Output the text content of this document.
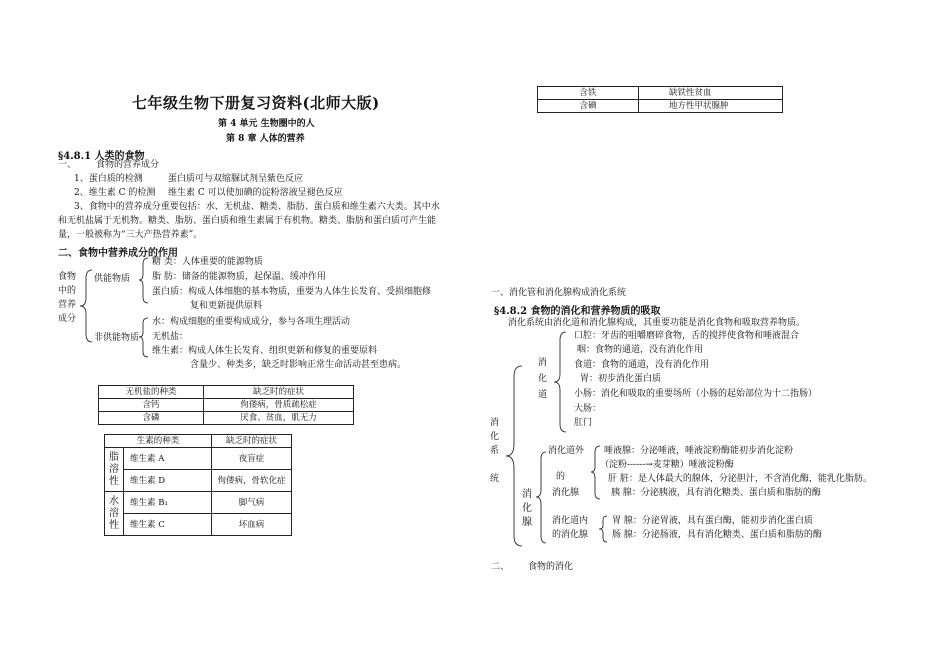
七年级生物下册复习资料(北师大版)
第 4 单元 生物圈中的人
第 8 章 人体的营养
§4.8.1 人类的食物
一、 食物的营养成分
1、蛋白质的检测	蛋白质可与双缩脲试剂呈紫色反应
2、维生素 C 的检测 维生素 C 可以使加碘的淀粉溶液呈褪色反应
3、食物中的营养成分重要包括：水、无机盐、糖类、脂肪、蛋白质和维生素六大类。其中水
和无机盐属于无机物。糖类、脂肪、蛋白质和维生素属于有机物。糖类、脂肪和蛋白质可产生能
量，一般被称为“三大产热营养素”。
二、食物中营养成分的作用
食物
中的
营养
成分
供能物质
糖 类：人体重要的能源物质
脂 肪：储备的能源物质，起保温、缓冲作用
蛋白质：构成人体细胞的基本物质，重要为人体生长发育、受损细胞修
复和更新提供原料
非供能物质
水：构成细胞的重要构成成分，参与各项生理活动
无机盐：
维生素：构成人体生长发育、组织更新和修复的重要原料
含量少、种类多，缺乏时影响正常生命活动甚至患病。
无机盐的种类	缺乏时的症状
含钙	佝偻病，骨质疏松症
含磷	厌食、贫血，肌无力
生素的种类		缺乏时的症状
脂溶性	维生素 A	夜盲症
	维生素 D	佝偻病，骨软化症
水溶性	维生素 B₁	脚气病
	维生素 C	坏血病
含铁	缺铁性贫血
含碘	地方性甲状腺肿
一、消化管和消化腺构成消化系统
§4.8.2 食物的消化和营养物质的吸取
消化系统由消化道和消化腺构成，其重要功能是消化食物和吸取营养物质。
消
化
系
统
消
化
道
口腔：牙齿的咀嚼磨碎食物，舌的搅拌使食物和唾液混合
咽：食物的通道，没有消化作用
食道：食物的通道，没有消化作用
胃：初步消化蛋白质
小肠：消化和吸取的重要场所（小肠的起始部位为十二指肠）
大肠：
肛门
消
化
腺
消化道外
的
消化腺
唾液腺：分泌唾液，唾液淀粉酶能初步消化淀粉
（淀粉------→麦芽糖）唾液淀粉酶
肝 脏：是人体最大的腺体，分泌胆汁，不含消化酶，能乳化脂肪。
胰 腺：分泌胰液，具有消化糖类、蛋白质和脂肪的酶
消化道内
的消化腺
胃 腺：分泌胃液，具有蛋白酶，能初步消化蛋白质
肠 腺：分泌肠液，具有消化糖类、蛋白质和脂肪的酶
二、 食物的消化
